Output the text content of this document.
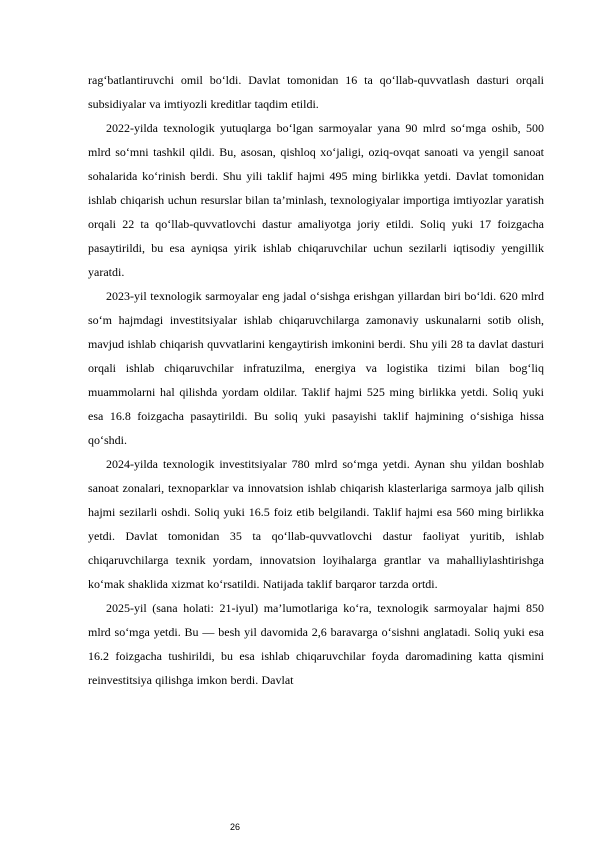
rag‘batlantiruvchi omil bo‘ldi. Davlat tomonidan 16 ta qo‘llab-quvvatlash dasturi orqali subsidiyalar va imtiyozli kreditlar taqdim etildi.

2022-yilda texnologik yutuqlarga bo‘lgan sarmoyalar yana 90 mlrd so‘mga oshib, 500 mlrd so‘mni tashkil qildi. Bu, asosan, qishloq xo‘jaligi, oziq-ovqat sanoati va yengil sanoat sohalarida ko‘rinish berdi. Shu yili taklif hajmi 495 ming birlikka yetdi. Davlat tomonidan ishlab chiqarish uchun resurslar bilan ta’minlash, texnologiyalar importiga imtiyozlar yaratish orqali 22 ta qo‘llab-quvvatlovchi dastur amaliyotga joriy etildi. Soliq yuki 17 foizgacha pasaytirildi, bu esa ayniqsa yirik ishlab chiqaruvchilar uchun sezilarli iqtisodiy yengillik yaratdi.

2023-yil texnologik sarmoyalar eng jadal o‘sishga erishgan yillardan biri bo‘ldi. 620 mlrd so‘m hajmdagi investitsiyalar ishlab chiqaruvchilarga zamonaviy uskunalarni sotib olish, mavjud ishlab chiqarish quvvatlarini kengaytirish imkonini berdi. Shu yili 28 ta davlat dasturi orqali ishlab chiqaruvchilar infratuzilma, energiya va logistika tizimi bilan bog‘liq muammolarni hal qilishda yordam oldilar. Taklif hajmi 525 ming birlikka yetdi. Soliq yuki esa 16.8 foizgacha pasaytirildi. Bu soliq yuki pasayishi taklif hajmining o‘sishiga hissa qo‘shdi.

2024-yilda texnologik investitsiyalar 780 mlrd so‘mga yetdi. Aynan shu yildan boshlab sanoat zonalari, texnoparklar va innovatsion ishlab chiqarish klasterlariga sarmoya jalb qilish hajmi sezilarli oshdi. Soliq yuki 16.5 foiz etib belgilandi. Taklif hajmi esa 560 ming birlikka yetdi. Davlat tomonidan 35 ta qo‘llab-quvvatlovchi dastur faoliyat yuritib, ishlab chiqaruvchilarga texnik yordam, innovatsion loyihalarga grantlar va mahalliylashtirishga ko‘mak shaklida xizmat ko‘rsatildi. Natijada taklif barqaror tarzda ortdi.

2025-yil (sana holati: 21-iyul) ma’lumotlariga ko‘ra, texnologik sarmoyalar hajmi 850 mlrd so‘mga yetdi. Bu — besh yil davomida 2,6 baravarga o‘sishni anglatadi. Soliq yuki esa 16.2 foizgacha tushirildi, bu esa ishlab chiqaruvchilar foyda daromadining katta qismini reinvestitsiya qilishga imkon berdi. Davlat

26
